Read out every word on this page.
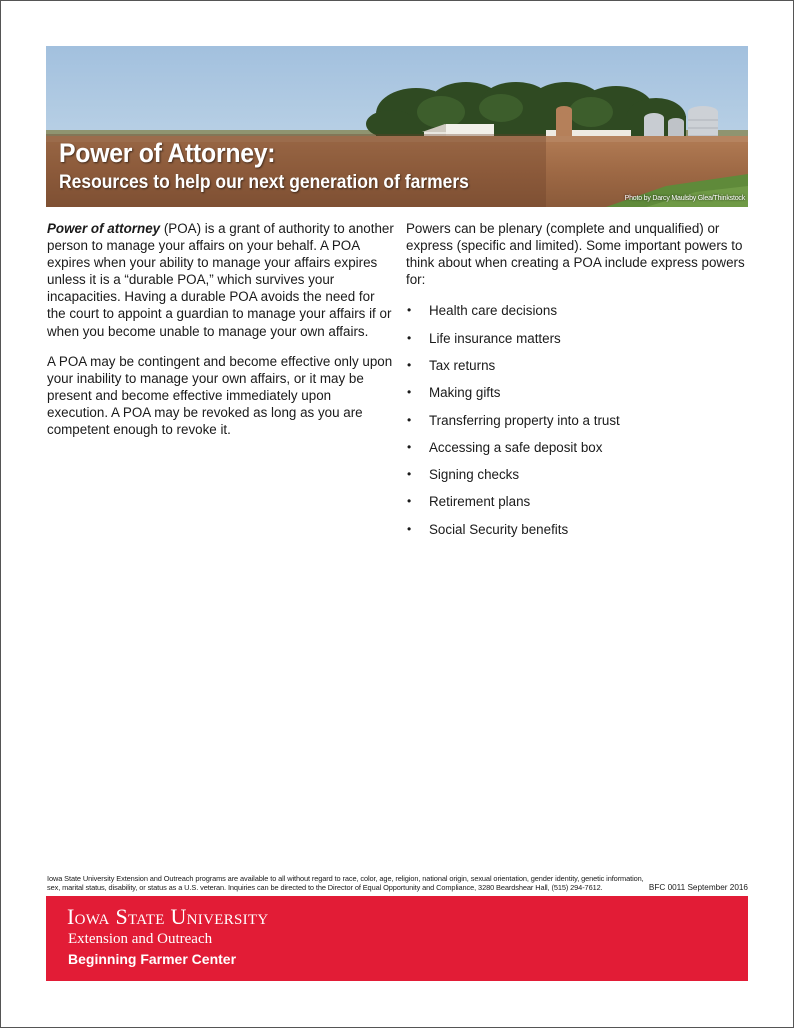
Power of Attorney:

Resources to help our next generation of farmers

Photo by Darcy Maulsby Glea/Thinkstock

Power of attorney (POA) is a grant of authority to another person to manage your affairs on your behalf. A POA expires when your ability to manage your affairs expires unless it is a “durable POA,” which survives your incapacities. Having a durable POA avoids the need for the court to appoint a guardian to manage your affairs if or when you become unable to manage your own affairs.

A POA may be contingent and become effective only upon your inability to manage your own affairs, or it may be present and become effective immediately upon execution. A POA may be revoked as long as you are competent enough to revoke it.

Powers can be plenary (complete and unqualified) or express (specific and limited). Some important powers to think about when creating a POA include express powers for:

• Health care decisions
• Life insurance matters
• Tax returns
• Making gifts
• Transferring property into a trust
• Accessing a safe deposit box
• Signing checks
• Retirement plans
• Social Security benefits
Iowa State University Extension and Outreach programs are available to all without regard to race, color, age, religion, national origin, sexual orientation, gender identity, genetic information, sex, marital status, disability, or status as a U.S. veteran. Inquiries can be directed to the Director of Equal Opportunity and Compliance, 3280 Beardshear Hall, (515) 294-7612.	BFC 0011 September 2016

Iowa State University

Extension and Outreach

Beginning Farmer Center
